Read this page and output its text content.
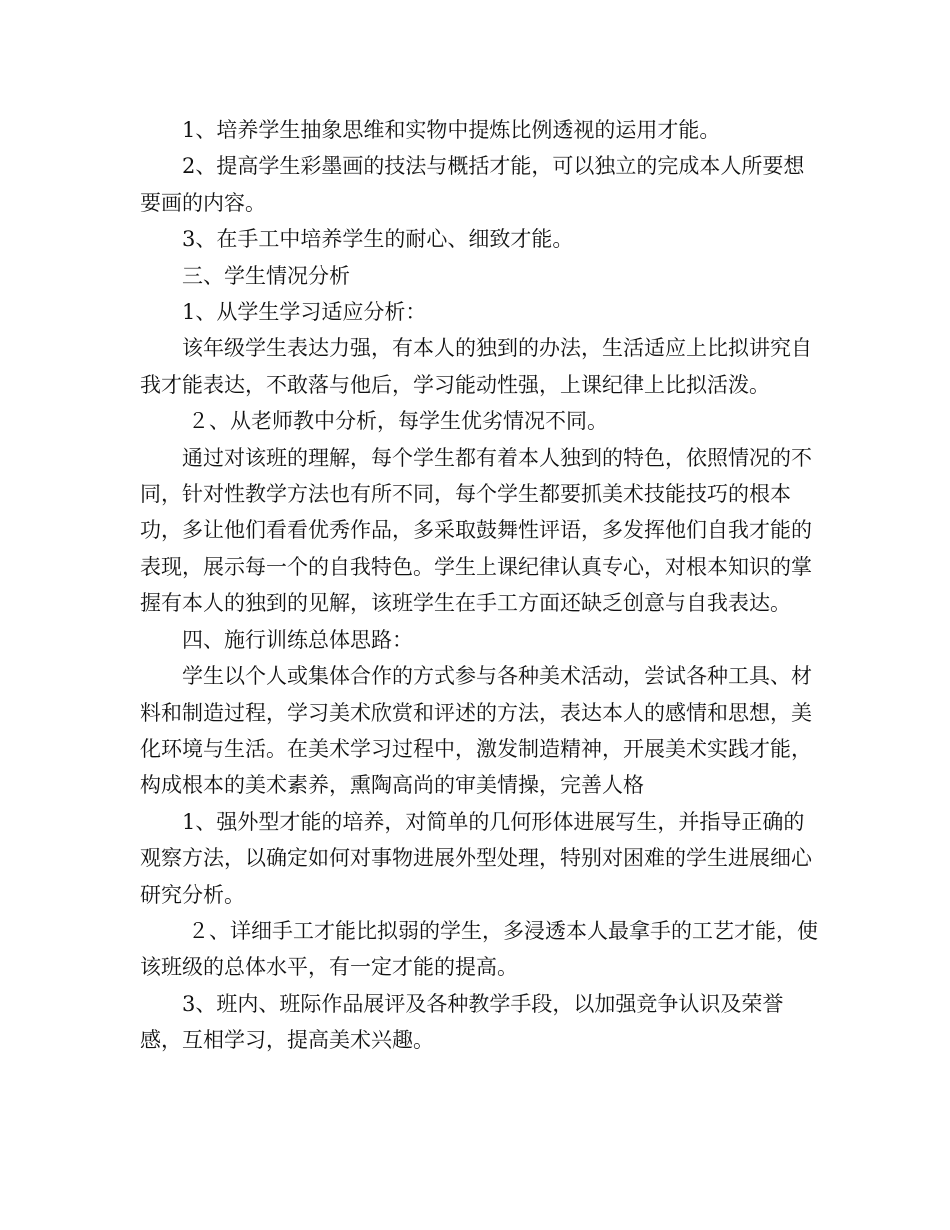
1、培养学生抽象思维和实物中提炼比例透视的运用才能。

2、提高学生彩墨画的技法与概括才能，可以独立的完成本人所要想要画的内容。

3、在手工中培养学生的耐心、细致才能。

三、学生情况分析

1、从学生学习适应分析：

该年级学生表达力强，有本人的独到的办法，生活适应上比拟讲究自我才能表达，不敢落与他后，学习能动性强，上课纪律上比拟活泼。

２、从老师教中分析，每学生优劣情况不同。

通过对该班的理解，每个学生都有着本人独到的特色，依照情况的不同，针对性教学方法也有所不同，每个学生都要抓美术技能技巧的根本功，多让他们看看优秀作品，多采取鼓舞性评语，多发挥他们自我才能的表现，展示每一个的自我特色。学生上课纪律认真专心，对根本知识的掌握有本人的独到的见解，该班学生在手工方面还缺乏创意与自我表达。

四、施行训练总体思路：

学生以个人或集体合作的方式参与各种美术活动，尝试各种工具、材料和制造过程，学习美术欣赏和评述的方法，表达本人的感情和思想，美化环境与生活。在美术学习过程中，激发制造精神，开展美术实践才能，构成根本的美术素养，熏陶高尚的审美情操，完善人格

1、强外型才能的培养，对简单的几何形体进展写生，并指导正确的观察方法，以确定如何对事物进展外型处理，特别对困难的学生进展细心研究分析。

２、详细手工才能比拟弱的学生，多浸透本人最拿手的工艺才能，使该班级的总体水平，有一定才能的提高。

3、班内、班际作品展评及各种教学手段，以加强竞争认识及荣誉感，互相学习，提高美术兴趣。
